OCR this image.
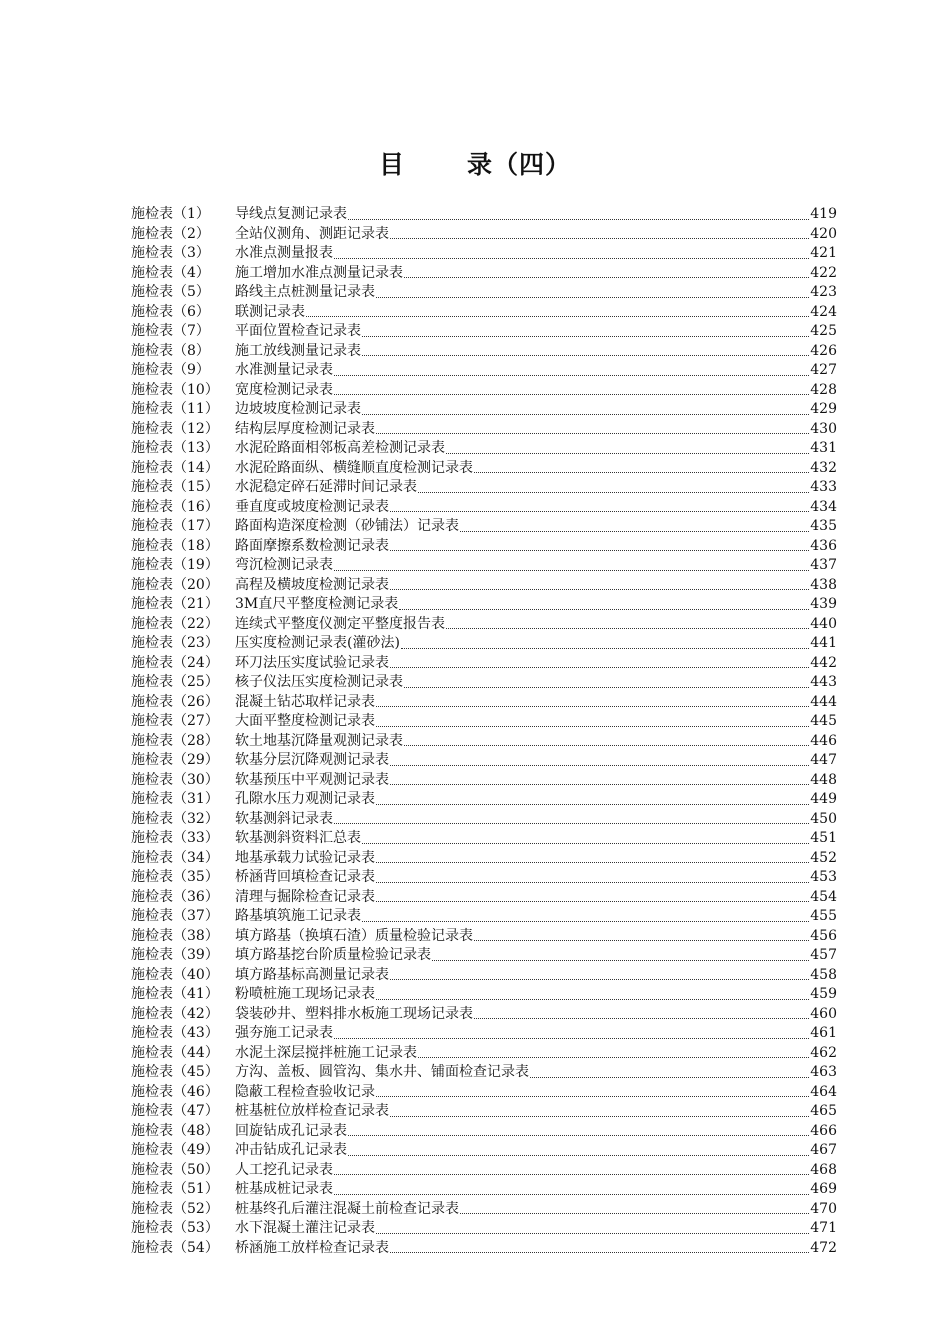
目 录（四）
施检表（1）	导线点复测记录表	419
施检表（2）	全站仪测角、测距记录表	420
施检表（3）	水准点测量报表	421
施检表（4）	施工增加水准点测量记录表	422
施检表（5）	路线主点桩测量记录表	423
施检表（6）	联测记录表	424
施检表（7）	平面位置检查记录表	425
施检表（8）	施工放线测量记录表	426
施检表（9）	水准测量记录表	427
施检表（10）	宽度检测记录表	428
施检表（11）	边坡坡度检测记录表	429
施检表（12）	结构层厚度检测记录表	430
施检表（13）	水泥砼路面相邻板高差检测记录表	431
施检表（14）	水泥砼路面纵、横缝顺直度检测记录表	432
施检表（15）	水泥稳定碎石延滞时间记录表	433
施检表（16）	垂直度或坡度检测记录表	434
施检表（17）	路面构造深度检测（砂铺法）记录表	435
施检表（18）	路面摩擦系数检测记录表	436
施检表（19）	弯沉检测记录表	437
施检表（20）	高程及横坡度检测记录表	438
施检表（21）	3M直尺平整度检测记录表	439
施检表（22）	连续式平整度仪测定平整度报告表	440
施检表（23）	压实度检测记录表(灌砂法)	441
施检表（24）	环刀法压实度试验记录表	442
施检表（25）	核子仪法压实度检测记录表	443
施检表（26）	混凝土钻芯取样记录表	444
施检表（27）	大面平整度检测记录表	445
施检表（28）	软土地基沉降量观测记录表	446
施检表（29）	软基分层沉降观测记录表	447
施检表（30）	软基预压中平观测记录表	448
施检表（31）	孔隙水压力观测记录表	449
施检表（32）	软基测斜记录表	450
施检表（33）	软基测斜资料汇总表	451
施检表（34）	地基承载力试验记录表	452
施检表（35）	桥涵背回填检查记录表	453
施检表（36）	清理与掘除检查记录表	454
施检表（37）	路基填筑施工记录表	455
施检表（38）	填方路基（换填石渣）质量检验记录表	456
施检表（39）	填方路基挖台阶质量检验记录表	457
施检表（40）	填方路基标高测量记录表	458
施检表（41）	粉喷桩施工现场记录表	459
施检表（42）	袋装砂井、塑料排水板施工现场记录表	460
施检表（43）	强夯施工记录表	461
施检表（44）	水泥土深层搅拌桩施工记录表	462
施检表（45）	方沟、盖板、圆管沟、集水井、铺面检查记录表	463
施检表（46）	隐蔽工程检查验收记录	464
施检表（47）	桩基桩位放样检查记录表	465
施检表（48）	回旋钻成孔记录表	466
施检表（49）	冲击钻成孔记录表	467
施检表（50）	人工挖孔记录表	468
施检表（51）	桩基成桩记录表	469
施检表（52）	桩基终孔后灌注混凝土前检查记录表	470
施检表（53）	水下混凝土灌注记录表	471
施检表（54）	桥涵施工放样检查记录表	472
